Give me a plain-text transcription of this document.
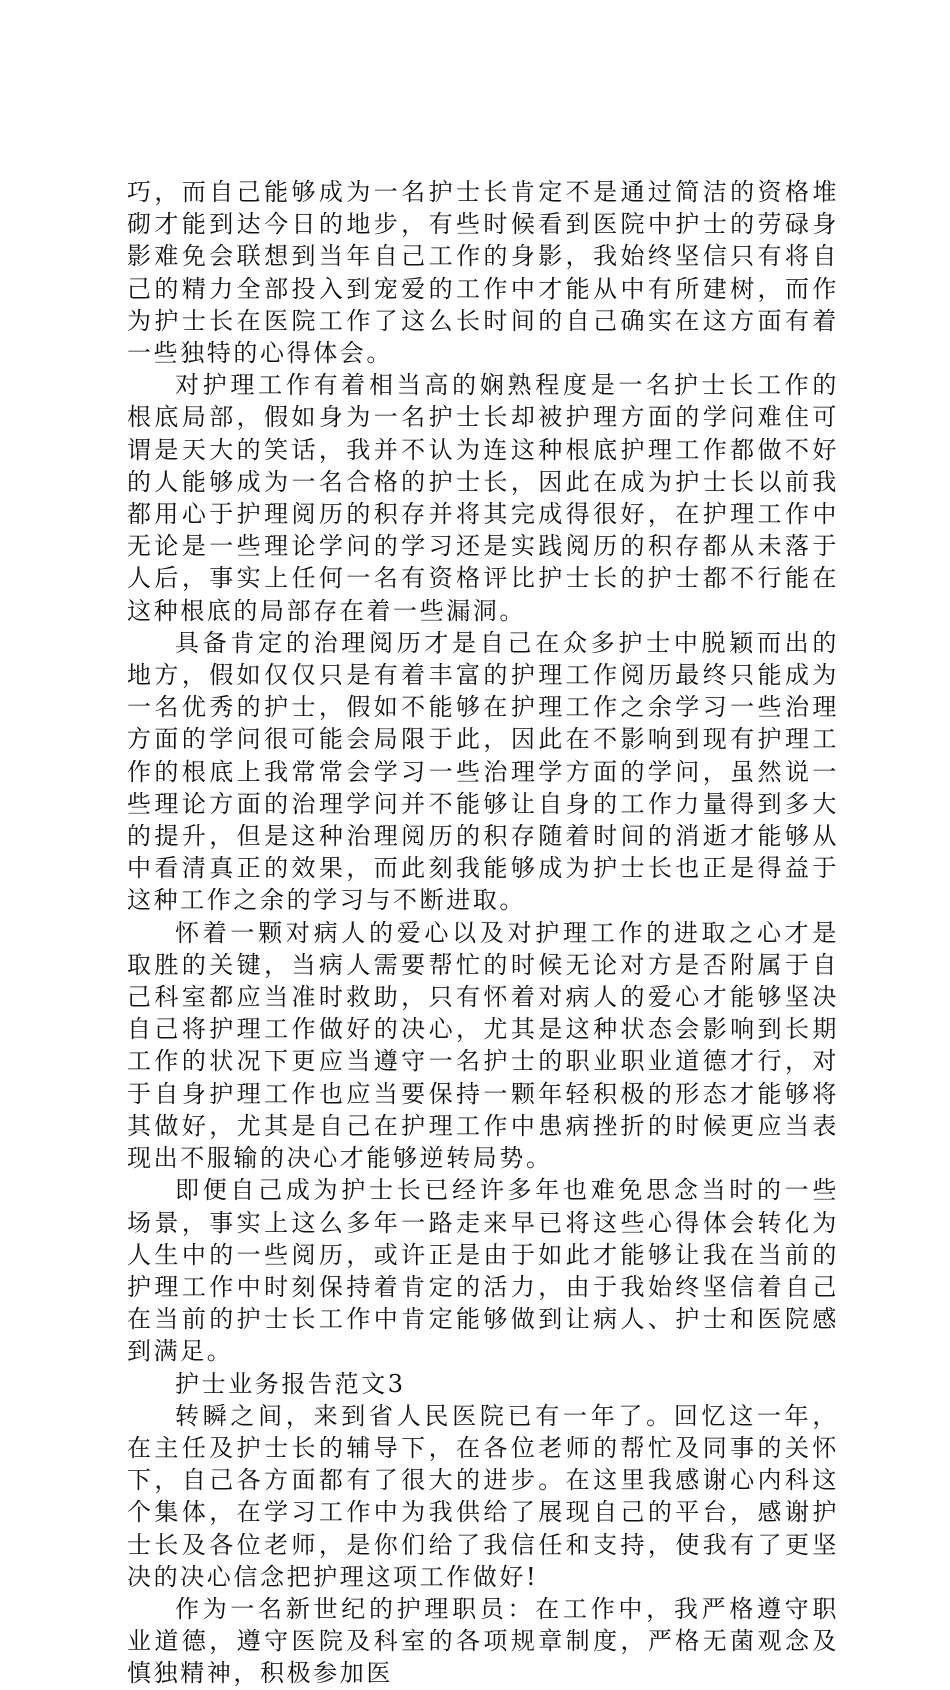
巧，而自己能够成为一名护士长肯定不是通过简洁的资格堆砌才能到达今日的地步，有些时候看到医院中护士的劳碌身影难免会联想到当年自己工作的身影，我始终坚信只有将自己的精力全部投入到宠爱的工作中才能从中有所建树，而作为护士长在医院工作了这么长时间的自己确实在这方面有着一些独特的心得体会。

对护理工作有着相当高的娴熟程度是一名护士长工作的根底局部，假如身为一名护士长却被护理方面的学问难住可谓是天大的笑话，我并不认为连这种根底护理工作都做不好的人能够成为一名合格的护士长，因此在成为护士长以前我都用心于护理阅历的积存并将其完成得很好，在护理工作中无论是一些理论学问的学习还是实践阅历的积存都从未落于人后，事实上任何一名有资格评比护士长的护士都不行能在这种根底的局部存在着一些漏洞。

具备肯定的治理阅历才是自己在众多护士中脱颖而出的地方，假如仅仅只是有着丰富的护理工作阅历最终只能成为一名优秀的护士，假如不能够在护理工作之余学习一些治理方面的学问很可能会局限于此，因此在不影响到现有护理工作的根底上我常常会学习一些治理学方面的学问，虽然说一些理论方面的治理学问并不能够让自身的工作力量得到多大的提升，但是这种治理阅历的积存随着时间的消逝才能够从中看清真正的效果，而此刻我能够成为护士长也正是得益于这种工作之余的学习与不断进取。

怀着一颗对病人的爱心以及对护理工作的进取之心才是取胜的关键，当病人需要帮忙的时候无论对方是否附属于自己科室都应当准时救助，只有怀着对病人的爱心才能够坚决自己将护理工作做好的决心，尤其是这种状态会影响到长期工作的状况下更应当遵守一名护士的职业职业道德才行，对于自身护理工作也应当要保持一颗年轻积极的形态才能够将其做好，尤其是自己在护理工作中患病挫折的时候更应当表现出不服输的决心才能够逆转局势。

即便自己成为护士长已经许多年也难免思念当时的一些场景，事实上这么多年一路走来早已将这些心得体会转化为人生中的一些阅历，或许正是由于如此才能够让我在当前的护理工作中时刻保持着肯定的活力，由于我始终坚信着自己在当前的护士长工作中肯定能够做到让病人、护士和医院感到满足。

护士业务报告范文3

转瞬之间，来到省人民医院已有一年了。回忆这一年，在主任及护士长的辅导下，在各位老师的帮忙及同事的关怀下，自己各方面都有了很大的进步。在这里我感谢心内科这个集体，在学习工作中为我供给了展现自己的平台，感谢护士长及各位老师，是你们给了我信任和支持，使我有了更坚决的决心信念把护理这项工作做好!

作为一名新世纪的护理职员：在工作中，我严格遵守职业道德，遵守医院及科室的各项规章制度，严格无菌观念及慎独精神，积极参加医
